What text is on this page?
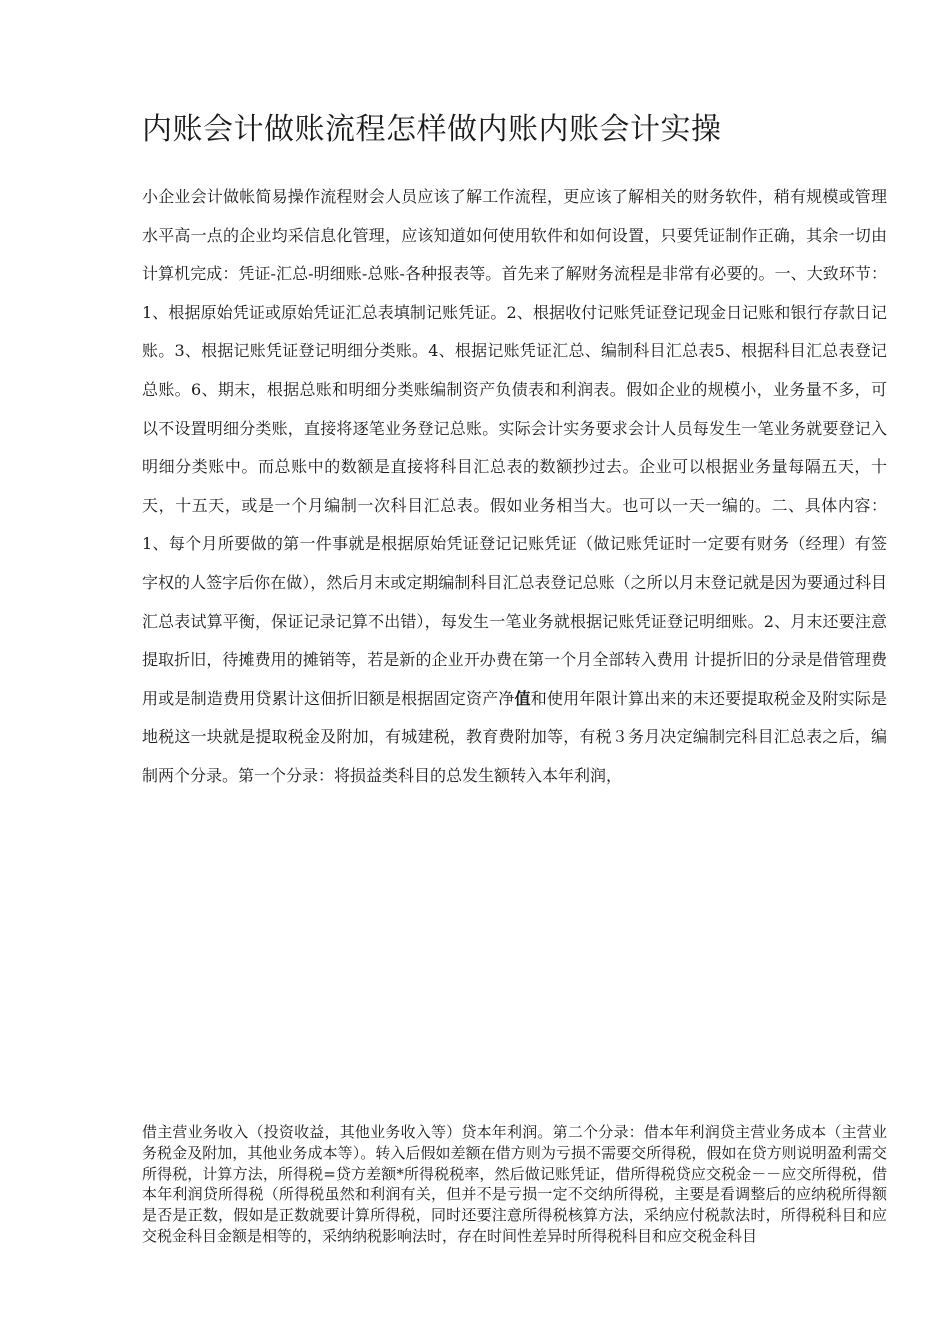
内账会计做账流程怎样做内账内账会计实操

小企业会计做帐简易操作流程财会人员应该了解工作流程，更应该了解相关的财务软件，稍有规模或管理水平高一点的企业均采信息化管理，应该知道如何使用软件和如何设置，只要凭证制作正确，其余一切由计算机完成：凭证-汇总-明细账-总账-各种报表等。首先来了解财务流程是非常有必要的。一、大致环节：1、根据原始凭证或原始凭证汇总表填制记账凭证。2、根据收付记账凭证登记现金日记账和银行存款日记账。3、根据记账凭证登记明细分类账。4、根据记账凭证汇总、编制科目汇总表5、根据科目汇总表登记总账。6、期末，根据总账和明细分类账编制资产负债表和利润表。假如企业的规模小，业务量不多，可以不设置明细分类账，直接将逐笔业务登记总账。实际会计实务要求会计人员每发生一笔业务就要登记入明细分类账中。而总账中的数额是直接将科目汇总表的数额抄过去。企业可以根据业务量每隔五天，十天，十五天，或是一个月编制一次科目汇总表。假如业务相当大。也可以一天一编的。二、具体内容：1、每个月所要做的第一件事就是根据原始凭证登记记账凭证（做记账凭证时一定要有财务（经理）有签字权的人签字后你在做），然后月末或定期编制科目汇总表登记总账（之所以月末登记就是因为要通过科目汇总表试算平衡，保证记录记算不出错），每发生一笔业务就根据记账凭证登记明细账。2、月末还要注意提取折旧，待摊费用的摊销等，若是新的企业开办费在第一个月全部转入费用 计提折旧的分录是借管理费用或是制造费用贷累计这佃折旧额是根据固定资产净值和使用年限计算出来的末还要提取税金及附实际是地税这一块就是提取税金及附加，有城建税，教育费附加等，有税３务月决定编制完科目汇总表之后，编制两个分录。第一个分录：将损益类科目的总发生额转入本年利润，

借主营业务收入（投资收益，其他业务收入等）贷本年利润。第二个分录：借本年利润贷主营业务成本（主营业务税金及附加，其他业务成本等）。转入后假如差额在借方则为亏损不需要交所得税，假如在贷方则说明盈利需交所得税，计算方法，所得税=贷方差额*所得税税率，然后做记账凭证，借所得税贷应交税金－－应交所得税，借本年利润贷所得税（所得税虽然和利润有关，但并不是亏损一定不交纳所得税，主要是看调整后的应纳税所得额是否是正数，假如是正数就要计算所得税，同时还要注意所得税核算方法，采纳应付税款法时，所得税科目和应交税金科目金额是相等的，采纳纳税影响法时，存在时间性差异时所得税科目和应交税金科目
